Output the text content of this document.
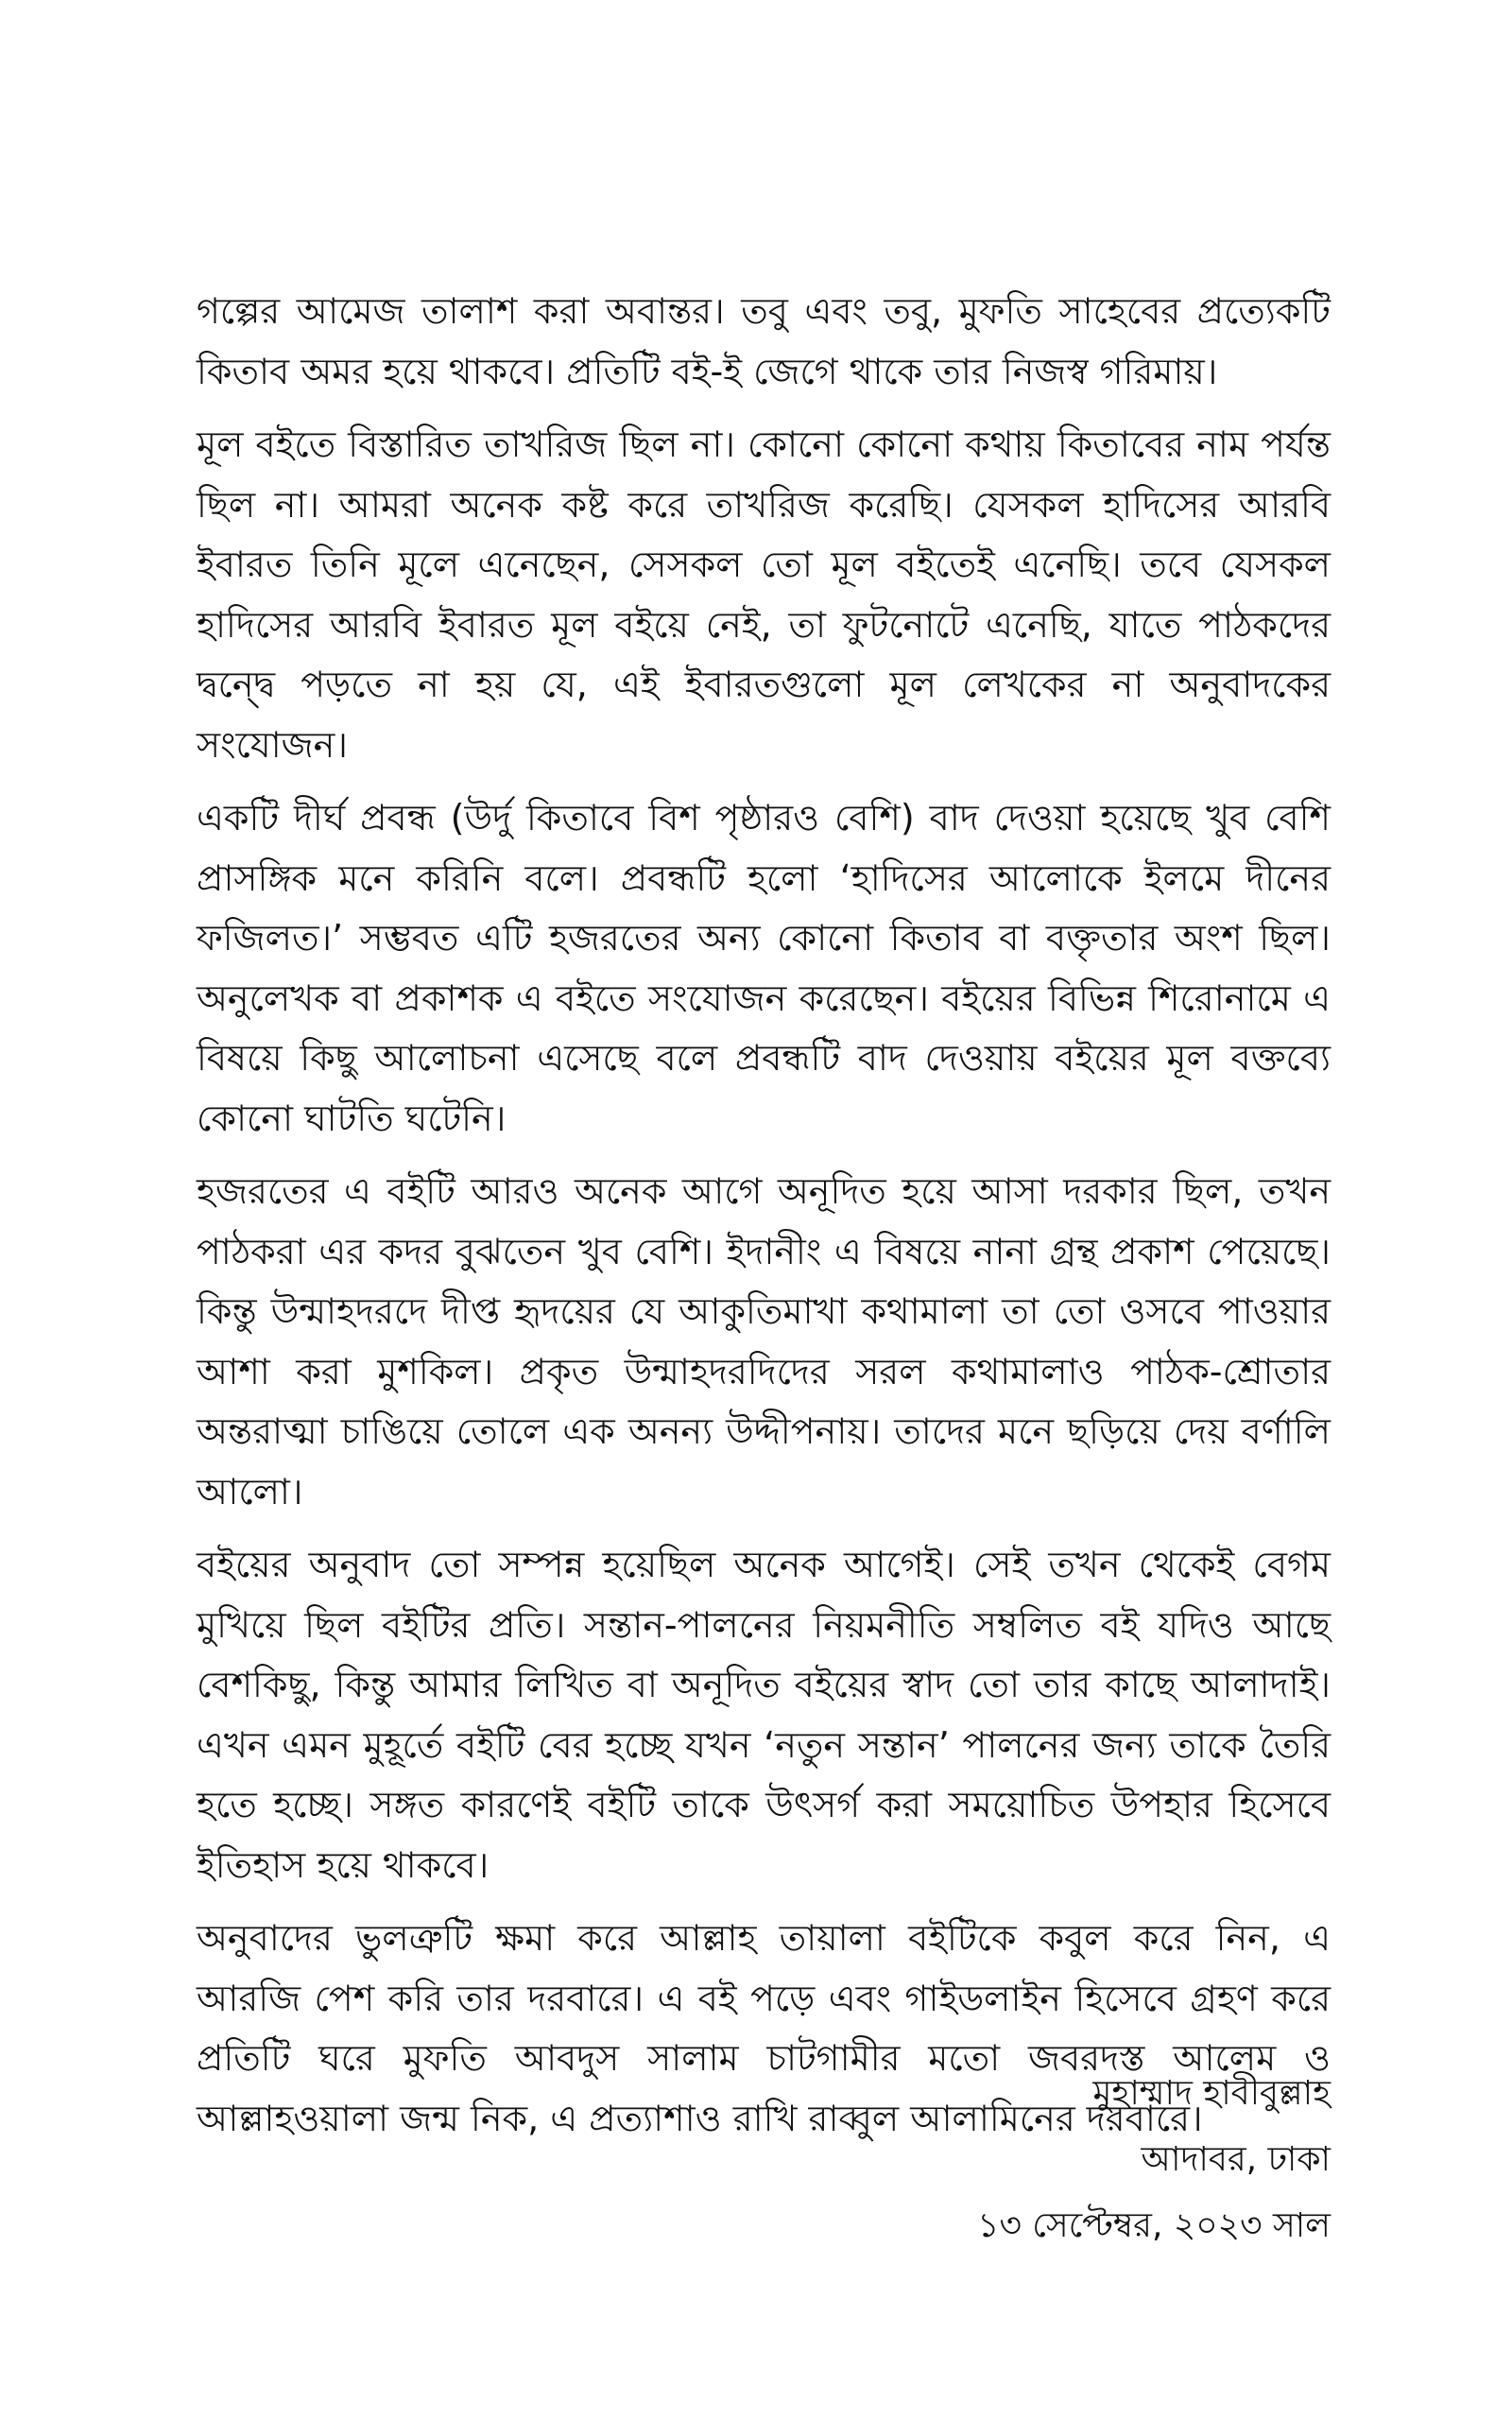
গল্পের আমেজ তালাশ করা অবান্তর। তবু এবং তবু, মুফতি সাহেবের প্রত্যেকটি কিতাব অমর হয়ে থাকবে। প্রতিটি বই-ই জেগে থাকে তার নিজস্ব গরিমায়।

মূল বইতে বিস্তারিত তাখরিজ ছিল না। কোনো কোনো কথায় কিতাবের নাম পর্যন্ত ছিল না। আমরা অনেক কষ্ট করে তাখরিজ করেছি। যেসকল হাদিসের আরবি ইবারত তিনি মূলে এনেছেন, সেসকল তো মূল বইতেই এনেছি। তবে যেসকল হাদিসের আরবি ইবারত মূল বইয়ে নেই, তা ফুটনোটে এনেছি, যাতে পাঠকদের দ্বন্দ্বে পড়তে না হয় যে, এই ইবারতগুলো মূল লেখকের না অনুবাদকের সংযোজন।

একটি দীর্ঘ প্রবন্ধ (উর্দু কিতাবে বিশ পৃষ্ঠারও বেশি) বাদ দেওয়া হয়েছে খুব বেশি প্রাসঙ্গিক মনে করিনি বলে। প্রবন্ধটি হলো ‘হাদিসের আলোকে ইলমে দীনের ফজিলত।’ সম্ভবত এটি হজরতের অন্য কোনো কিতাব বা বক্তৃতার অংশ ছিল। অনুলেখক বা প্রকাশক এ বইতে সংযোজন করেছেন। বইয়ের বিভিন্ন শিরোনামে এ বিষয়ে কিছু আলোচনা এসেছে বলে প্রবন্ধটি বাদ দেওয়ায় বইয়ের মূল বক্তব্যে কোনো ঘাটতি ঘটেনি।

হজরতের এ বইটি আরও অনেক আগে অনূদিত হয়ে আসা দরকার ছিল, তখন পাঠকরা এর কদর বুঝতেন খুব বেশি। ইদানীং এ বিষয়ে নানা গ্রন্থ প্রকাশ পেয়েছে। কিন্তু উন্মাহদরদে দীপ্ত হৃদয়ের যে আকুতিমাখা কথামালা তা তো ওসবে পাওয়ার আশা করা মুশকিল। প্রকৃত উন্মাহদরদিদের সরল কথামালাও পাঠক-শ্রোতার অন্তরাত্মা চাঙিয়ে তোলে এক অনন্য উদ্দীপনায়। তাদের মনে ছড়িয়ে দেয় বর্ণালি আলো।

বইয়ের অনুবাদ তো সম্পন্ন হয়েছিল অনেক আগেই। সেই তখন থেকেই বেগম মুখিয়ে ছিল বইটির প্রতি। সন্তান-পালনের নিয়মনীতি সম্বলিত বই যদিও আছে বেশকিছু, কিন্তু আমার লিখিত বা অনূদিত বইয়ের স্বাদ তো তার কাছে আলাদাই। এখন এমন মুহূর্তে বইটি বের হচ্ছে যখন ‘নতুন সন্তান’ পালনের জন্য তাকে তৈরি হতে হচ্ছে। সঙ্গত কারণেই বইটি তাকে উৎসর্গ করা সময়োচিত উপহার হিসেবে ইতিহাস হয়ে থাকবে।

অনুবাদের ভুলত্রুটি ক্ষমা করে আল্লাহ তায়ালা বইটিকে কবুল করে নিন, এ আরজি পেশ করি তার দরবারে। এ বই পড়ে এবং গাইডলাইন হিসেবে গ্রহণ করে প্রতিটি ঘরে মুফতি আবদুস সালাম চাটগামীর মতো জবরদস্ত আলেম ও আল্লাহওয়ালা জন্ম নিক, এ প্রত্যাশাও রাখি রাব্বুল আলামিনের দরবারে।

মুহাম্মাদ হাবীবুল্লাহ
আদাবর, ঢাকা
১৩ সেপ্টেম্বর, ২০২৩ সাল
